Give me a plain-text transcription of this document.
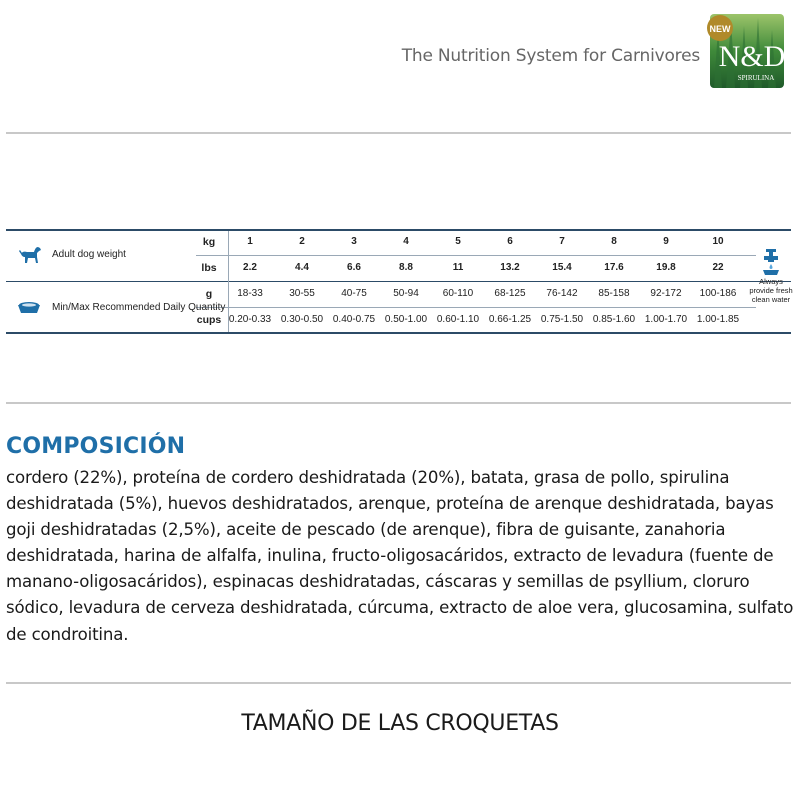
The Nutrition System for Carnivores
NEW
N&D
SPIRULINA
Adult dog weight
Min/Max Recommended Daily Quantity
kg
lbs
g
cups
1	2	3	4	5	6	7	8	9	10
2.2	4.4	6.6	8.8	11	13.2	15.4	17.6	19.8	22
18-33	30-55	40-75	50-94	60-110	68-125	76-142	85-158	92-172	100-186
0.20-0.33 0.30-0.50 0.40-0.75 0.50-1.00 0.60-1.10 0.66-1.25 0.75-1.50 0.85-1.60 1.00-1.70 1.00-1.85
Always
provide fresh
clean water
COMPOSICIÓN
cordero (22%), proteína de cordero deshidratada (20%), batata, grasa de pollo, spirulina deshidratada (5%), huevos deshidratados, arenque, proteína de arenque deshidratada, bayas goji deshidratadas (2,5%), aceite de pescado (de arenque), fibra de guisante, zanahoria deshidratada, harina de alfalfa, inulina, fructo-oligosacáridos, extracto de levadura (fuente de manano-oligosacáridos), espinacas deshidratadas, cáscaras y semillas de psyllium, cloruro sódico, levadura de cerveza deshidratada, cúrcuma, extracto de aloe vera, glucosamina, sulfato de condroitina.
TAMAÑO DE LAS CROQUETAS
